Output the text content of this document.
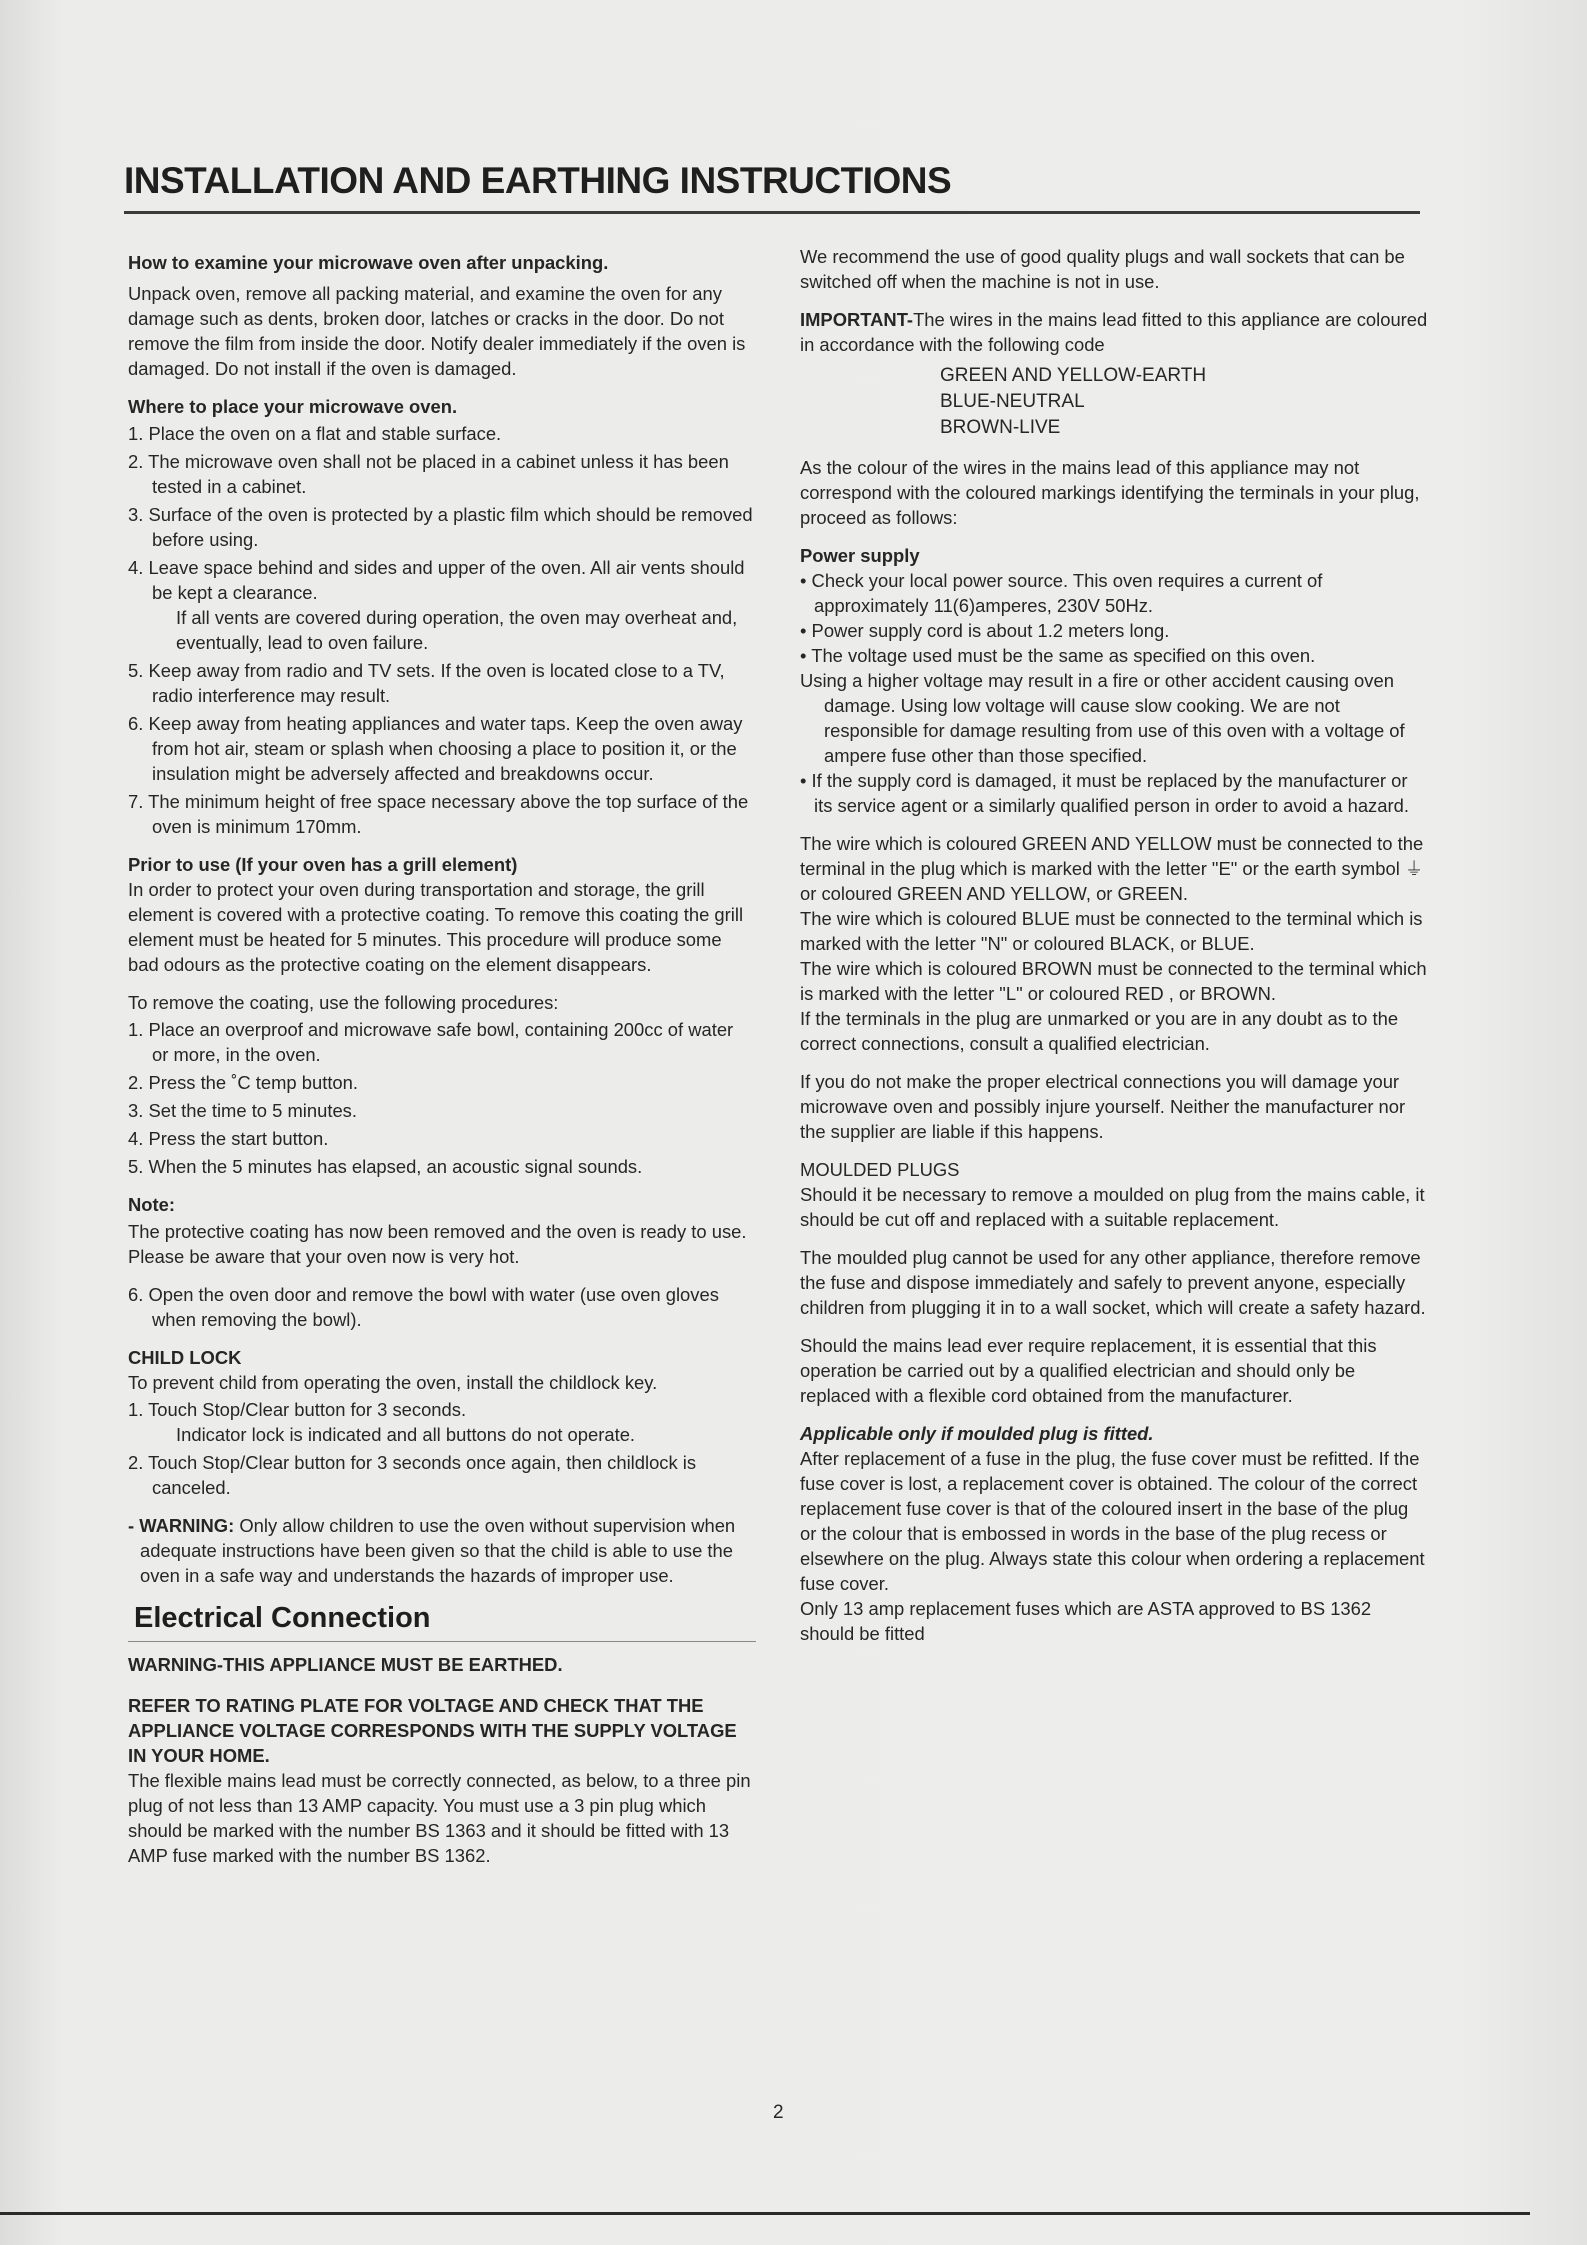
INSTALLATION AND EARTHING INSTRUCTIONS

How to examine your microwave oven after unpacking.

Unpack oven, remove all packing material, and examine the oven for any damage such as dents, broken door, latches or cracks in the door. Do not remove the film from inside the door. Notify dealer immediately if the oven is damaged. Do not install if the oven is damaged.

Where to place your microwave oven.

1. Place the oven on a flat and stable surface.
2. The microwave oven shall not be placed in a cabinet unless it has been tested in a cabinet.
3. Surface of the oven is protected by a plastic film which should be removed before using.
4. Leave space behind and sides and upper of the oven. All air vents should be kept a clearance.

If all vents are covered during operation, the oven may overheat and, eventually, lead to oven failure.
5. Keep away from radio and TV sets. If the oven is located close to a TV, radio interference may result.
6. Keep away from heating appliances and water taps. Keep the oven away from hot air, steam or splash when choosing a place to position it, or the insulation might be adversely affected and breakdowns occur.
7. The minimum height of free space necessary above the top surface of the oven is minimum 170mm.

Prior to use (If your oven has a grill element)

In order to protect your oven during transportation and storage, the grill element is covered with a protective coating. To remove this coating the grill element must be heated for 5 minutes. This procedure will produce some bad odours as the protective coating on the element disappears.

To remove the coating, use the following procedures:

1. Place an overproof and microwave safe bowl, containing 200cc of water or more, in the oven.
2. Press the ˚C temp button.
3. Set the time to 5 minutes.
4. Press the start button.
5. When the 5 minutes has elapsed, an acoustic signal sounds.

Note:

The protective coating has now been removed and the oven is ready to use. Please be aware that your oven now is very hot.

6. Open the oven door and remove the bowl with water (use oven gloves when removing the bowl).

CHILD LOCK

To prevent child from operating the oven, install the childlock key.

1. Touch Stop/Clear button for 3 seconds.

Indicator lock is indicated and all buttons do not operate.
2. Touch Stop/Clear button for 3 seconds once again, then childlock is canceled.

- WARNING: Only allow children to use the oven without supervision when adequate instructions have been given so that the child is able to use the oven in a safe way and understands the hazards of improper use.

Electrical Connection

WARNING-THIS APPLIANCE MUST BE EARTHED.

REFER TO RATING PLATE FOR VOLTAGE AND CHECK THAT THE APPLIANCE VOLTAGE CORRESPONDS WITH THE SUPPLY VOLTAGE IN YOUR HOME.

The flexible mains lead must be correctly connected, as below, to a three pin plug of not less than 13 AMP capacity. You must use a 3 pin plug which should be marked with the number BS 1363 and it should be fitted with 13 AMP fuse marked with the number BS 1362.

We recommend the use of good quality plugs and wall sockets that can be switched off when the machine is not in use.

IMPORTANT-The wires in the mains lead fitted to this appliance are coloured in accordance with the following code

GREEN AND YELLOW-EARTH
BLUE-NEUTRAL
BROWN-LIVE

As the colour of the wires in the mains lead of this appliance may not correspond with the coloured markings identifying the terminals in your plug, proceed as follows:

Power supply

• Check your local power source. This oven requires a current of approximately 11(6)amperes, 230V 50Hz.
• Power supply cord is about 1.2 meters long.
• The voltage used must be the same as specified on this oven.

Using a higher voltage may result in a fire or other accident causing oven damage. Using low voltage will cause slow cooking. We are not responsible for damage resulting from use of this oven with a voltage of ampere fuse other than those specified.

• If the supply cord is damaged, it must be replaced by the manufacturer or its service agent or a similarly qualified person in order to avoid a hazard.

The wire which is coloured GREEN AND YELLOW must be connected to the terminal in the plug which is marked with the letter "E" or the earth symbol ⏚ or coloured GREEN AND YELLOW, or GREEN.

The wire which is coloured BLUE must be connected to the terminal which is marked with the letter "N" or coloured BLACK, or BLUE.

The wire which is coloured BROWN must be connected to the terminal which is marked with the letter "L" or coloured RED , or BROWN.

If the terminals in the plug are unmarked or you are in any doubt as to the correct connections, consult a qualified electrician.

If you do not make the proper electrical connections you will damage your microwave oven and possibly injure yourself. Neither the manufacturer nor the supplier are liable if this happens.

MOULDED PLUGS

Should it be necessary to remove a moulded on plug from the mains cable, it should be cut off and replaced with a suitable replacement.

The moulded plug cannot be used for any other appliance, therefore remove the fuse and dispose immediately and safely to prevent anyone, especially children from plugging it in to a wall socket, which will create a safety hazard.

Should the mains lead ever require replacement, it is essential that this operation be carried out by a qualified electrician and should only be replaced with a flexible cord obtained from the manufacturer.

Applicable only if moulded plug is fitted.

After replacement of a fuse in the plug, the fuse cover must be refitted. If the fuse cover is lost, a replacement cover is obtained. The colour of the correct replacement fuse cover is that of the coloured insert in the base of the plug or the colour that is embossed in words in the base of the plug recess or elsewhere on the plug. Always state this colour when ordering a replacement fuse cover.

Only 13 amp replacement fuses which are ASTA approved to BS 1362 should be fitted

2
